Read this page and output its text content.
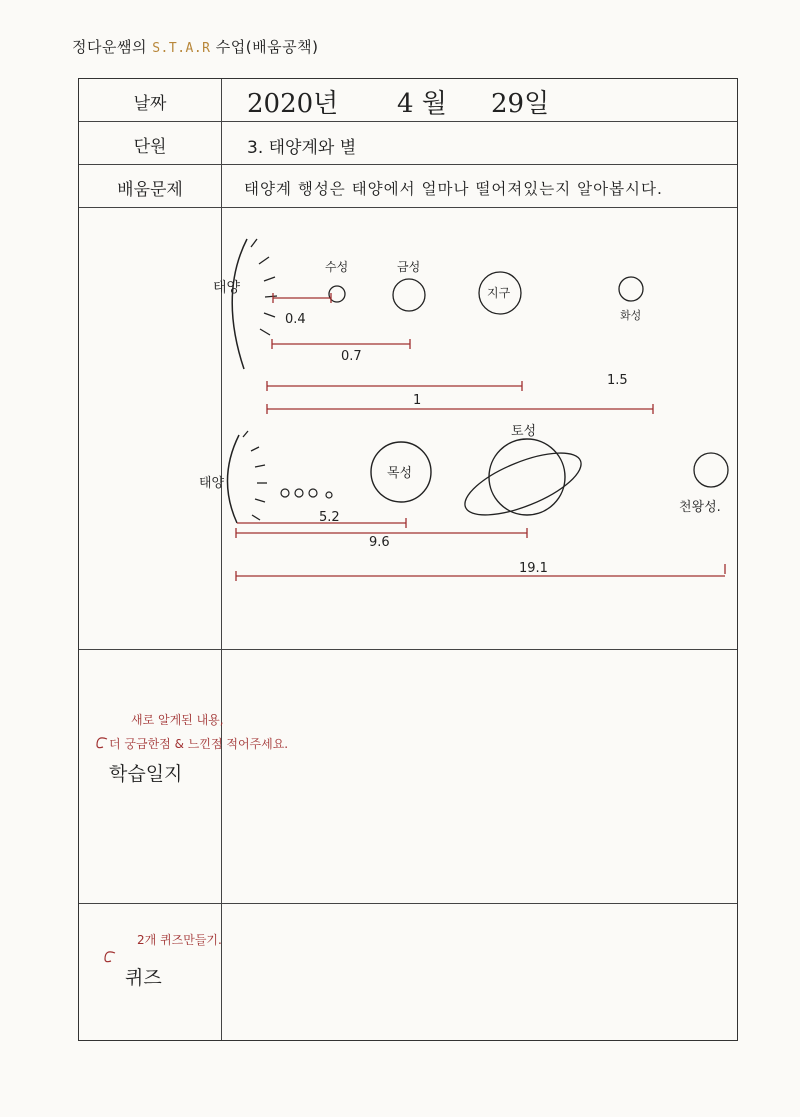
정다운쌤의 S.T.A.R 수업(배움공책)
날짜	2020년 4 월 29일
단원	3. 태양계와 별
배움문제	태양계 행성은 태양에서 얼마나 떨어져있는지 알아봅시다.
태양
수성	금성
지구
화성
0.4
0.7
1
1.5
태양
목성
토성
천왕성.
5.2
9.6
19.1
새로 알게된 내용,
더 궁금한점 & 느낀점 적어주세요.
학습일지
2개 퀴즈만들기.
퀴즈
